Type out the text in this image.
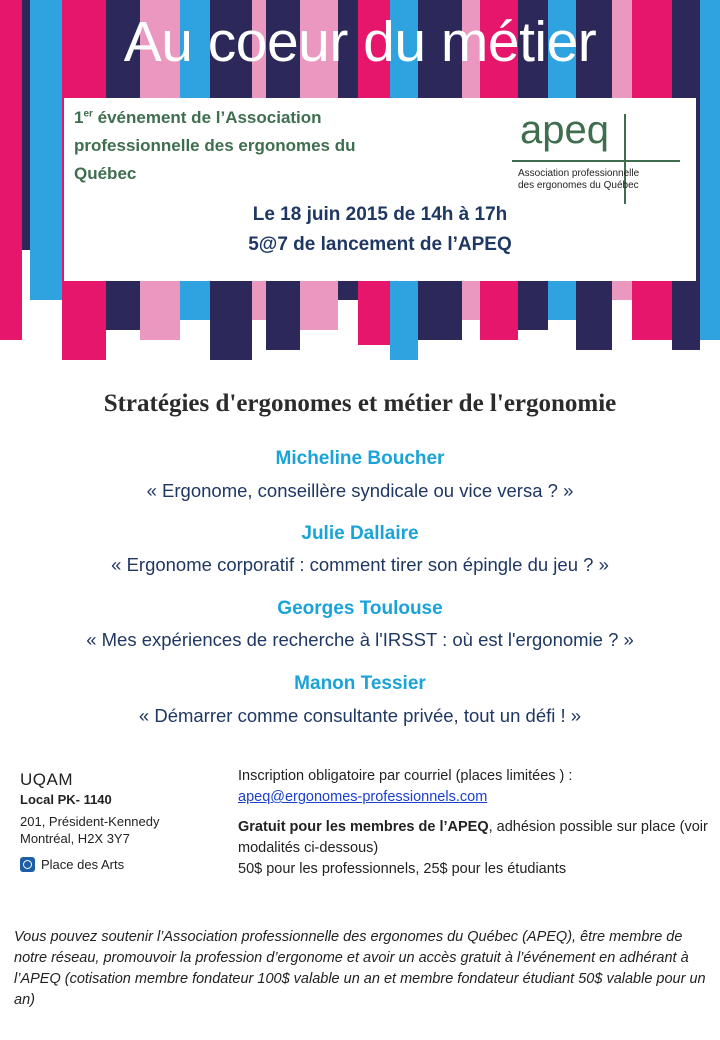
Au coeur du métier
1er événement de l’Association professionnelle des ergonomes du Québec
apeq
Association professionnelle
des ergonomes du Québec
Le 18 juin 2015 de 14h à 17h
5@7 de lancement de l’APEQ
Stratégies d'ergonomes et métier de l'ergonomie
Micheline Boucher
« Ergonome, conseillère syndicale ou vice versa ? »
Julie Dallaire
« Ergonome corporatif : comment tirer son épingle du jeu ? »
Georges Toulouse
« Mes expériences de recherche à l'IRSST : où est l'ergonomie ? »
Manon Tessier
« Démarrer comme consultante privée, tout un défi ! »
UQAM
Local PK- 1140
201, Président-Kennedy
Montréal, H2X 3Y7
Place des Arts
Inscription obligatoire par courriel (places limitées ) :
apeq@ergonomes-professionnels.com
Gratuit pour les membres de l’APEQ, adhésion possible sur place (voir modalités ci-dessous)
50$ pour les professionnels, 25$ pour les étudiants
Vous pouvez soutenir l’Association professionnelle des ergonomes du Québec (APEQ), être membre de notre réseau, promouvoir la profession d’ergonome et avoir un accès gratuit à l’événement en adhérant à l’APEQ (cotisation membre fondateur 100$ valable un an et membre fondateur étudiant 50$ valable pour un an)
